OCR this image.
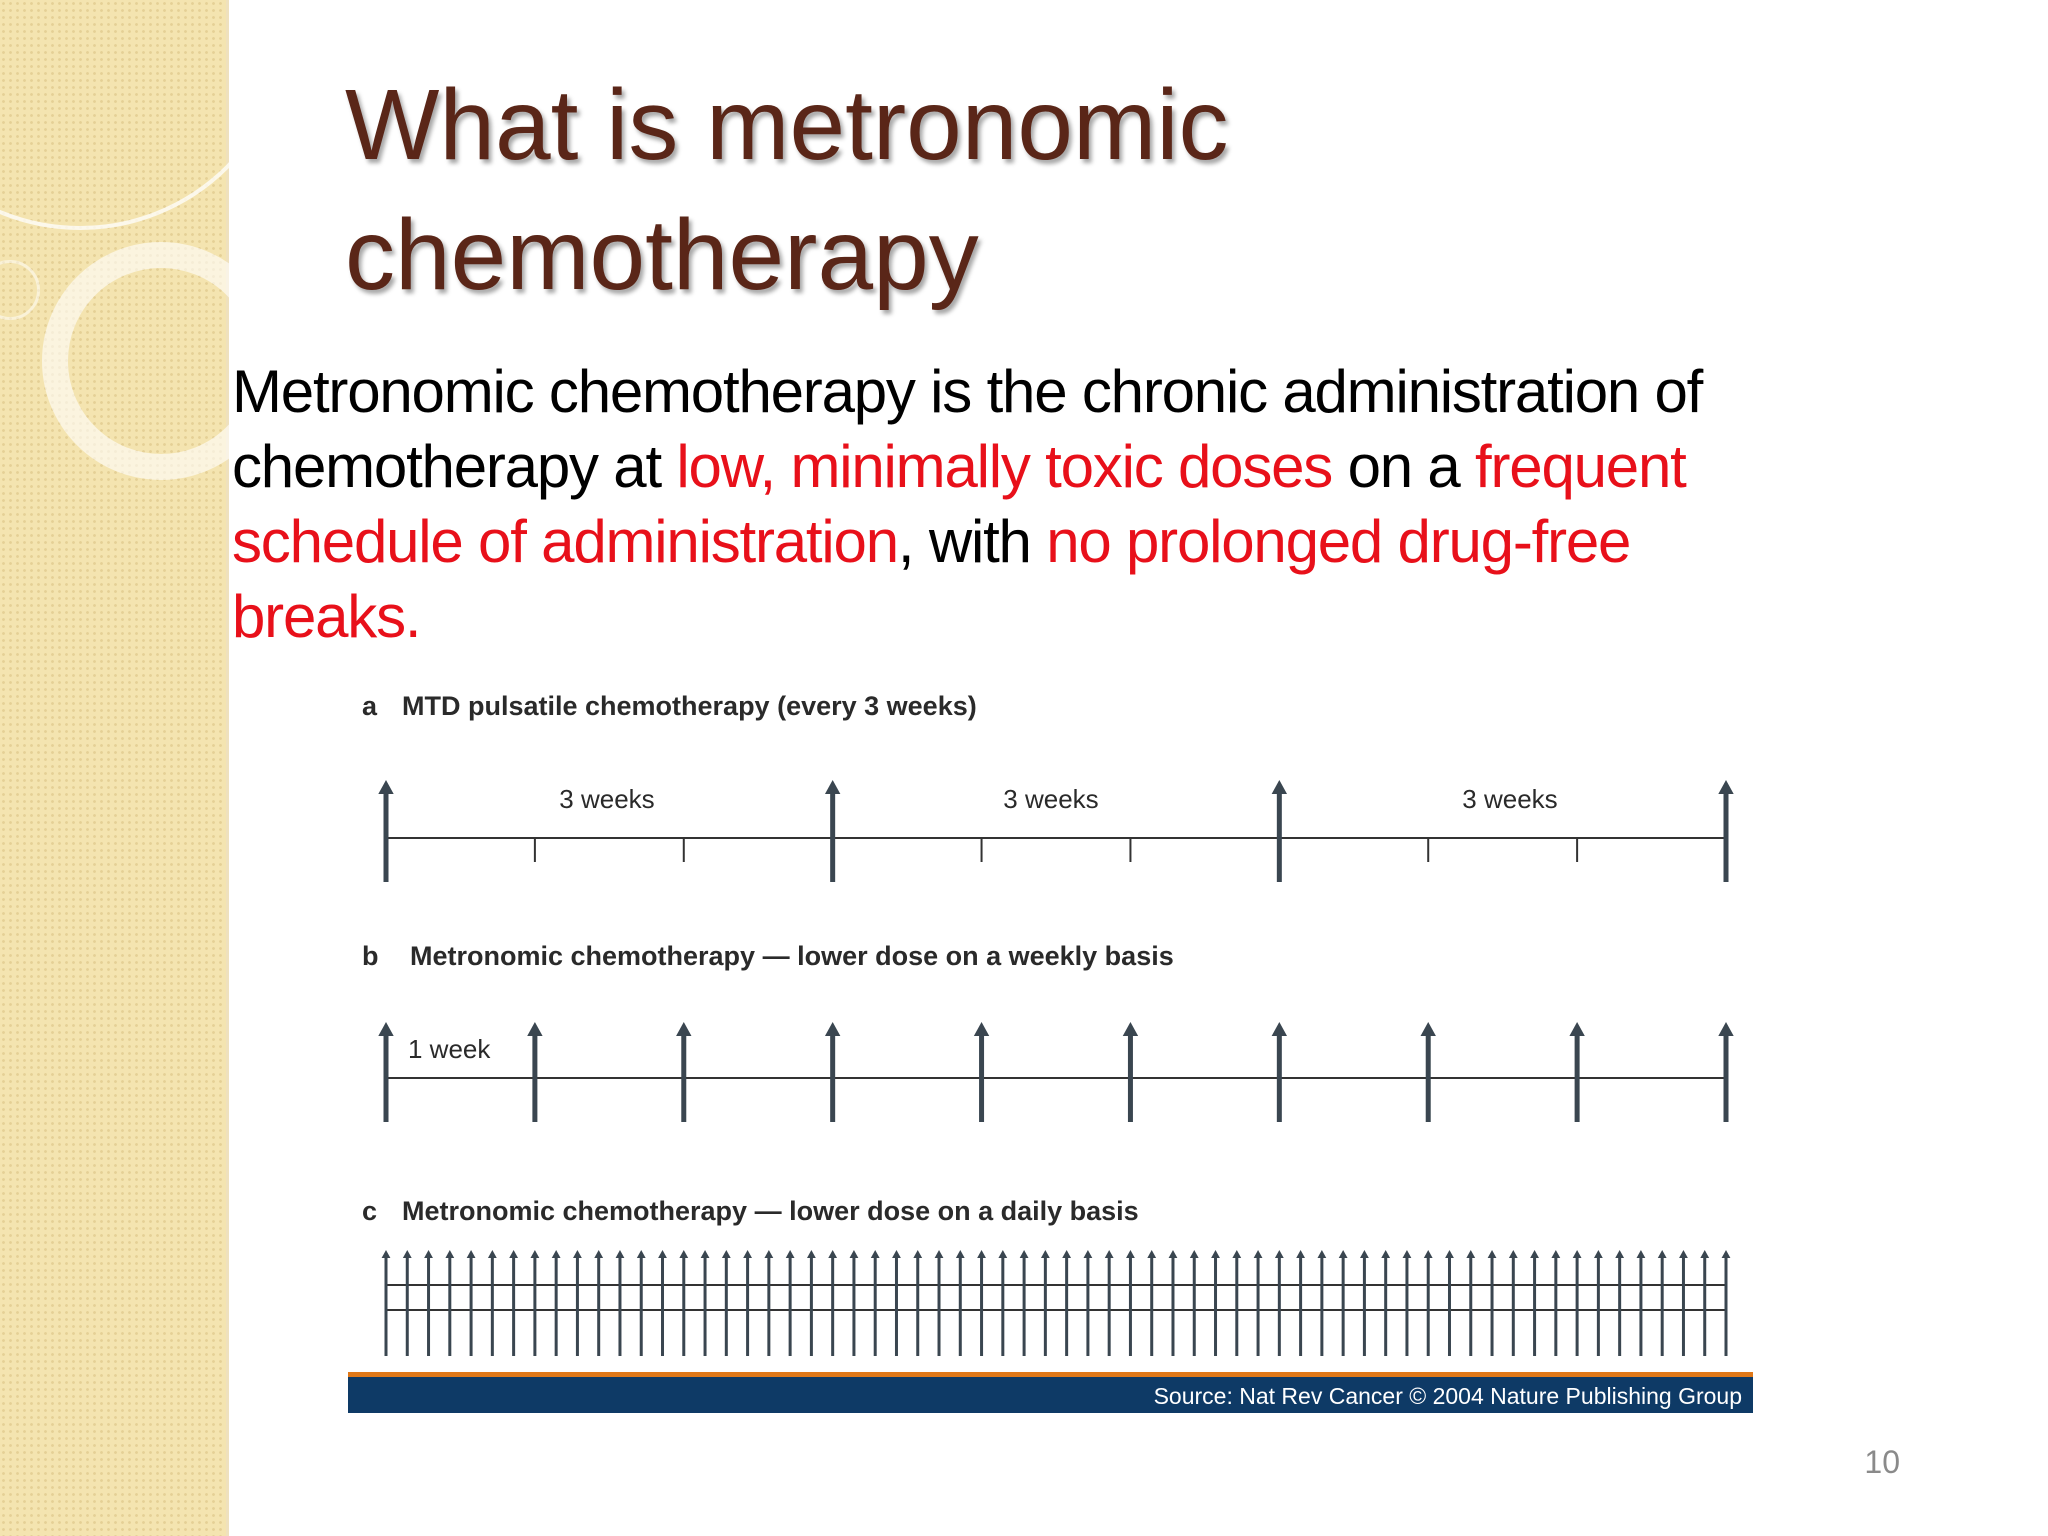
What is metronomic
chemotherapy

Metronomic chemotherapy is the chronic administration of chemotherapy at low, minimally toxic doses on a frequent schedule of administration, with no prolonged drug-free breaks.

a MTD pulsatile chemotherapy (every 3 weeks)
3 weeks	3 weeks	3 weeks
b Metronomic chemotherapy — lower dose on a weekly basis
1 week
c Metronomic chemotherapy — lower dose on a daily basis
Source: Nat Rev Cancer © 2004 Nature Publishing Group
10
